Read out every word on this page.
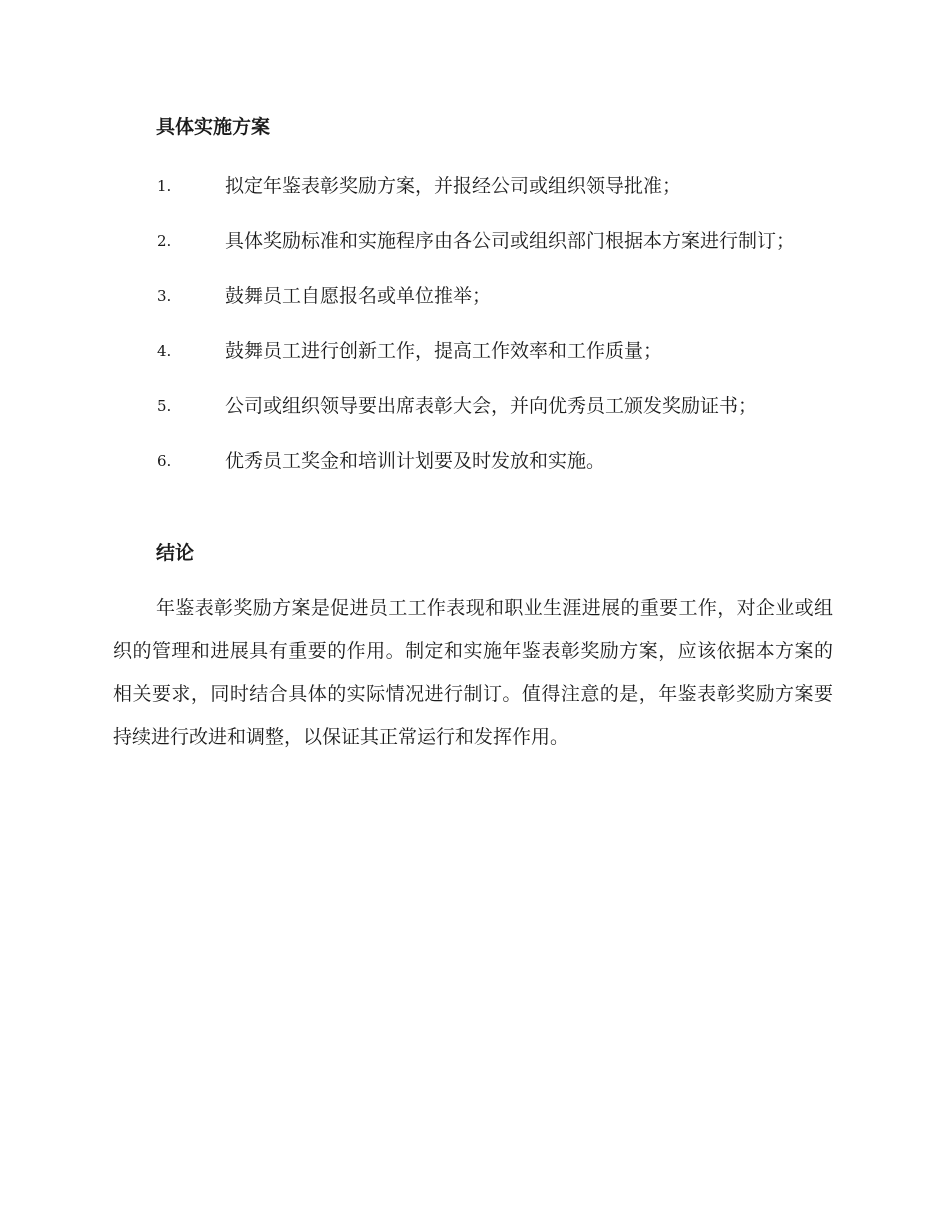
具体实施方案
1.	拟定年鉴表彰奖励方案，并报经公司或组织领导批准；
2.	具体奖励标准和实施程序由各公司或组织部门根据本方案进行制订；
3.	鼓舞员工自愿报名或单位推举；
4.	鼓舞员工进行创新工作，提高工作效率和工作质量；
5.	公司或组织领导要出席表彰大会，并向优秀员工颁发奖励证书；
6.	优秀员工奖金和培训计划要及时发放和实施。
结论

年鉴表彰奖励方案是促进员工工作表现和职业生涯进展的重要工作，对企业或组织的管理和进展具有重要的作用。制定和实施年鉴表彰奖励方案，应该依据本方案的相关要求，同时结合具体的实际情况进行制订。值得注意的是，年鉴表彰奖励方案要持续进行改进和调整，以保证其正常运行和发挥作用。
